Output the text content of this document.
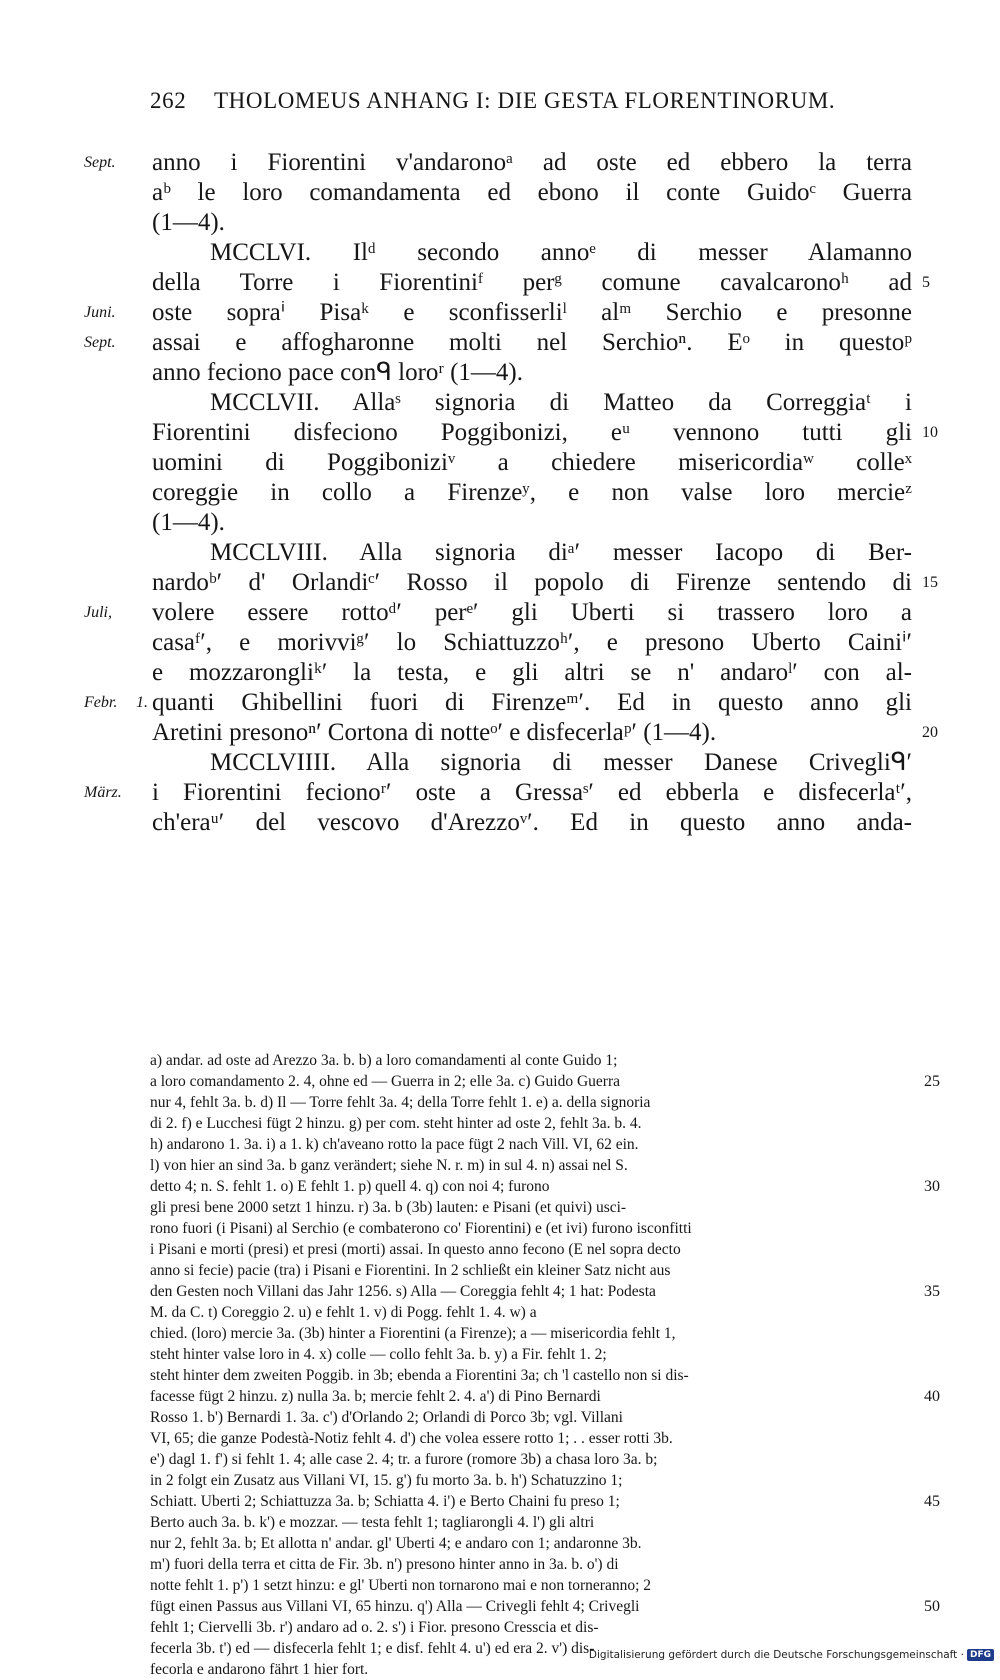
262 THOLOMEUS ANHANG I: DIE GESTA FLORENTINORUM.
anno i Fiorentini v'andaronoᵃ ad oste ed ebbero la terra
Sept.
aᵇ le loro comandamenta ed ebono il conte Guidoᶜ Guerra
(1—4).
MCCLVI. Ilᵈ secondo annoᵉ di messer Alamanno
della Torre i Fiorentiniᶠ perᵍ comune cavalcaronoʰ ad 5
oste sopraⁱ Pisaᵏ e sconfisserliˡ alᵐ Serchio e presonne
Juni.
assai e affogharonne molti nel Serchioⁿ. Eᵒ in questoᵖ
Sept.
anno feciono pace conᑫ loroʳ (1—4).
MCCLVII. Allaˢ signoria di Matteo da Correggiaᵗ i
Fiorentini disfeciono Poggibonizi, eᵘ vennono tutti gli 10
uomini di Poggiboniziᵛ a chiedere misericordiaʷ colleˣ
coreggie in collo a Firenzeʸ, e non valse loro mercieᶻ
(1—4).
MCCLVIII. Alla signoria diᵃ′ messer Iacopo di Ber-
nardoᵇ′ d' Orlandiᶜ′ Rosso il popolo di Firenze sentendo di 15
volere essere rottoᵈ′ perᵉ′ gli Uberti si trassero loro a
Juli,
casaᶠ′, e morivviᵍ′ lo Schiattuzzoʰ′, e presono Uberto Cainiⁱ′
e mozzarongliᵏ′ la testa, e gli altri se n' andaroˡ′ con al-
quanti Ghibellini fuori di Firenzeᵐ′. Ed in questo anno gli
Febr. 1.
Aretini presonoⁿ′ Cortona di notteᵒ′ e disfecerlaᵖ′ (1—4).	20
MCCLVIIII. Alla signoria di messer Danese Crivegliᑫ′
i Fiorentini fecionoʳ′ oste a Gressaˢ′ ed ebberla e disfecerlaᵗ′,
März.
ch'eraᵘ′ del vescovo d'Arezzoᵛ′. Ed in questo anno anda-
a) andar. ad oste ad Arezzo 3a. b. b) a loro comandamenti al conte Guido 1;
a loro comandamento 2. 4, ohne ed — Guerra in 2; elle 3a. c) Guido Guerra	25
nur 4, fehlt 3a. b. d) Il — Torre fehlt 3a. 4; della Torre fehlt 1. e) a. della signoria
di 2. f) e Lucchesi fügt 2 hinzu. g) per com. steht hinter ad oste 2, fehlt 3a. b. 4.
h) andarono 1. 3a. i) a 1. k) ch'aveano rotto la pace fügt 2 nach Vill. VI, 62 ein.
l) von hier an sind 3a. b ganz verändert; siehe N. r. m) in sul 4. n) assai nel S.
detto 4; n. S. fehlt 1. o) E fehlt 1. p) quell 4. q) con noi 4; furono	30
gli presi bene 2000 setzt 1 hinzu. r) 3a. b (3b) lauten: e Pisani (et quivi) usci-
rono fuori (i Pisani) al Serchio (e combaterono co' Fiorentini) e (et ivi) furono isconfitti
i Pisani e morti (presi) et presi (morti) assai. In questo anno fecono (E nel sopra decto
anno si fecie) pacie (tra) i Pisani e Fiorentini. In 2 schließt ein kleiner Satz nicht aus
den Gesten noch Villani das Jahr 1256. s) Alla — Coreggia fehlt 4; 1 hat: Podesta	35
M. da C. t) Coreggio 2. u) e fehlt 1. v) di Pogg. fehlt 1. 4. w) a
chied. (loro) mercie 3a. (3b) hinter a Fiorentini (a Firenze); a — misericordia fehlt 1,
steht hinter valse loro in 4. x) colle — collo fehlt 3a. b. y) a Fir. fehlt 1. 2;
steht hinter dem zweiten Poggib. in 3b; ebenda a Fiorentini 3a; ch 'l castello non si dis-
facesse fügt 2 hinzu. z) nulla 3a. b; mercie fehlt 2. 4. a') di Pino Bernardi	40
Rosso 1. b') Bernardi 1. 3a. c') d'Orlando 2; Orlandi di Porco 3b; vgl. Villani
VI, 65; die ganze Podestà-Notiz fehlt 4. d') che volea essere rotto 1; . . esser rotti 3b.
e') dagl 1. f') si fehlt 1. 4; alle case 2. 4; tr. a furore (romore 3b) a chasa loro 3a. b;
in 2 folgt ein Zusatz aus Villani VI, 15. g') fu morto 3a. b. h') Schatuzzino 1;
Schiatt. Uberti 2; Schiattuzza 3a. b; Schiatta 4. i') e Berto Chaini fu preso 1;	45
Berto auch 3a. b. k') e mozzar. — testa fehlt 1; tagliarongli 4. l') gli altri
nur 2, fehlt 3a. b; Et allotta n' andar. gl' Uberti 4; e andaro con 1; andaronne 3b.
m') fuori della terra et citta de Fir. 3b. n') presono hinter anno in 3a. b. o') di
notte fehlt 1. p') 1 setzt hinzu: e gl' Uberti non tornarono mai e non torneranno; 2
fügt einen Passus aus Villani VI, 65 hinzu. q') Alla — Crivegli fehlt 4; Crivegli	50
fehlt 1; Ciervelli 3b. r') andaro ad o. 2. s') i Fior. presono Cresscia et dis-
fecerla 3b. t') ed — disfecerla fehlt 1; e disf. fehlt 4. u') ed era 2. v') dis-
fecorla e andarono fährt 1 hier fort.
Digitalisierung gefördert durch die Deutsche Forschungsgemeinschaft · DFG
